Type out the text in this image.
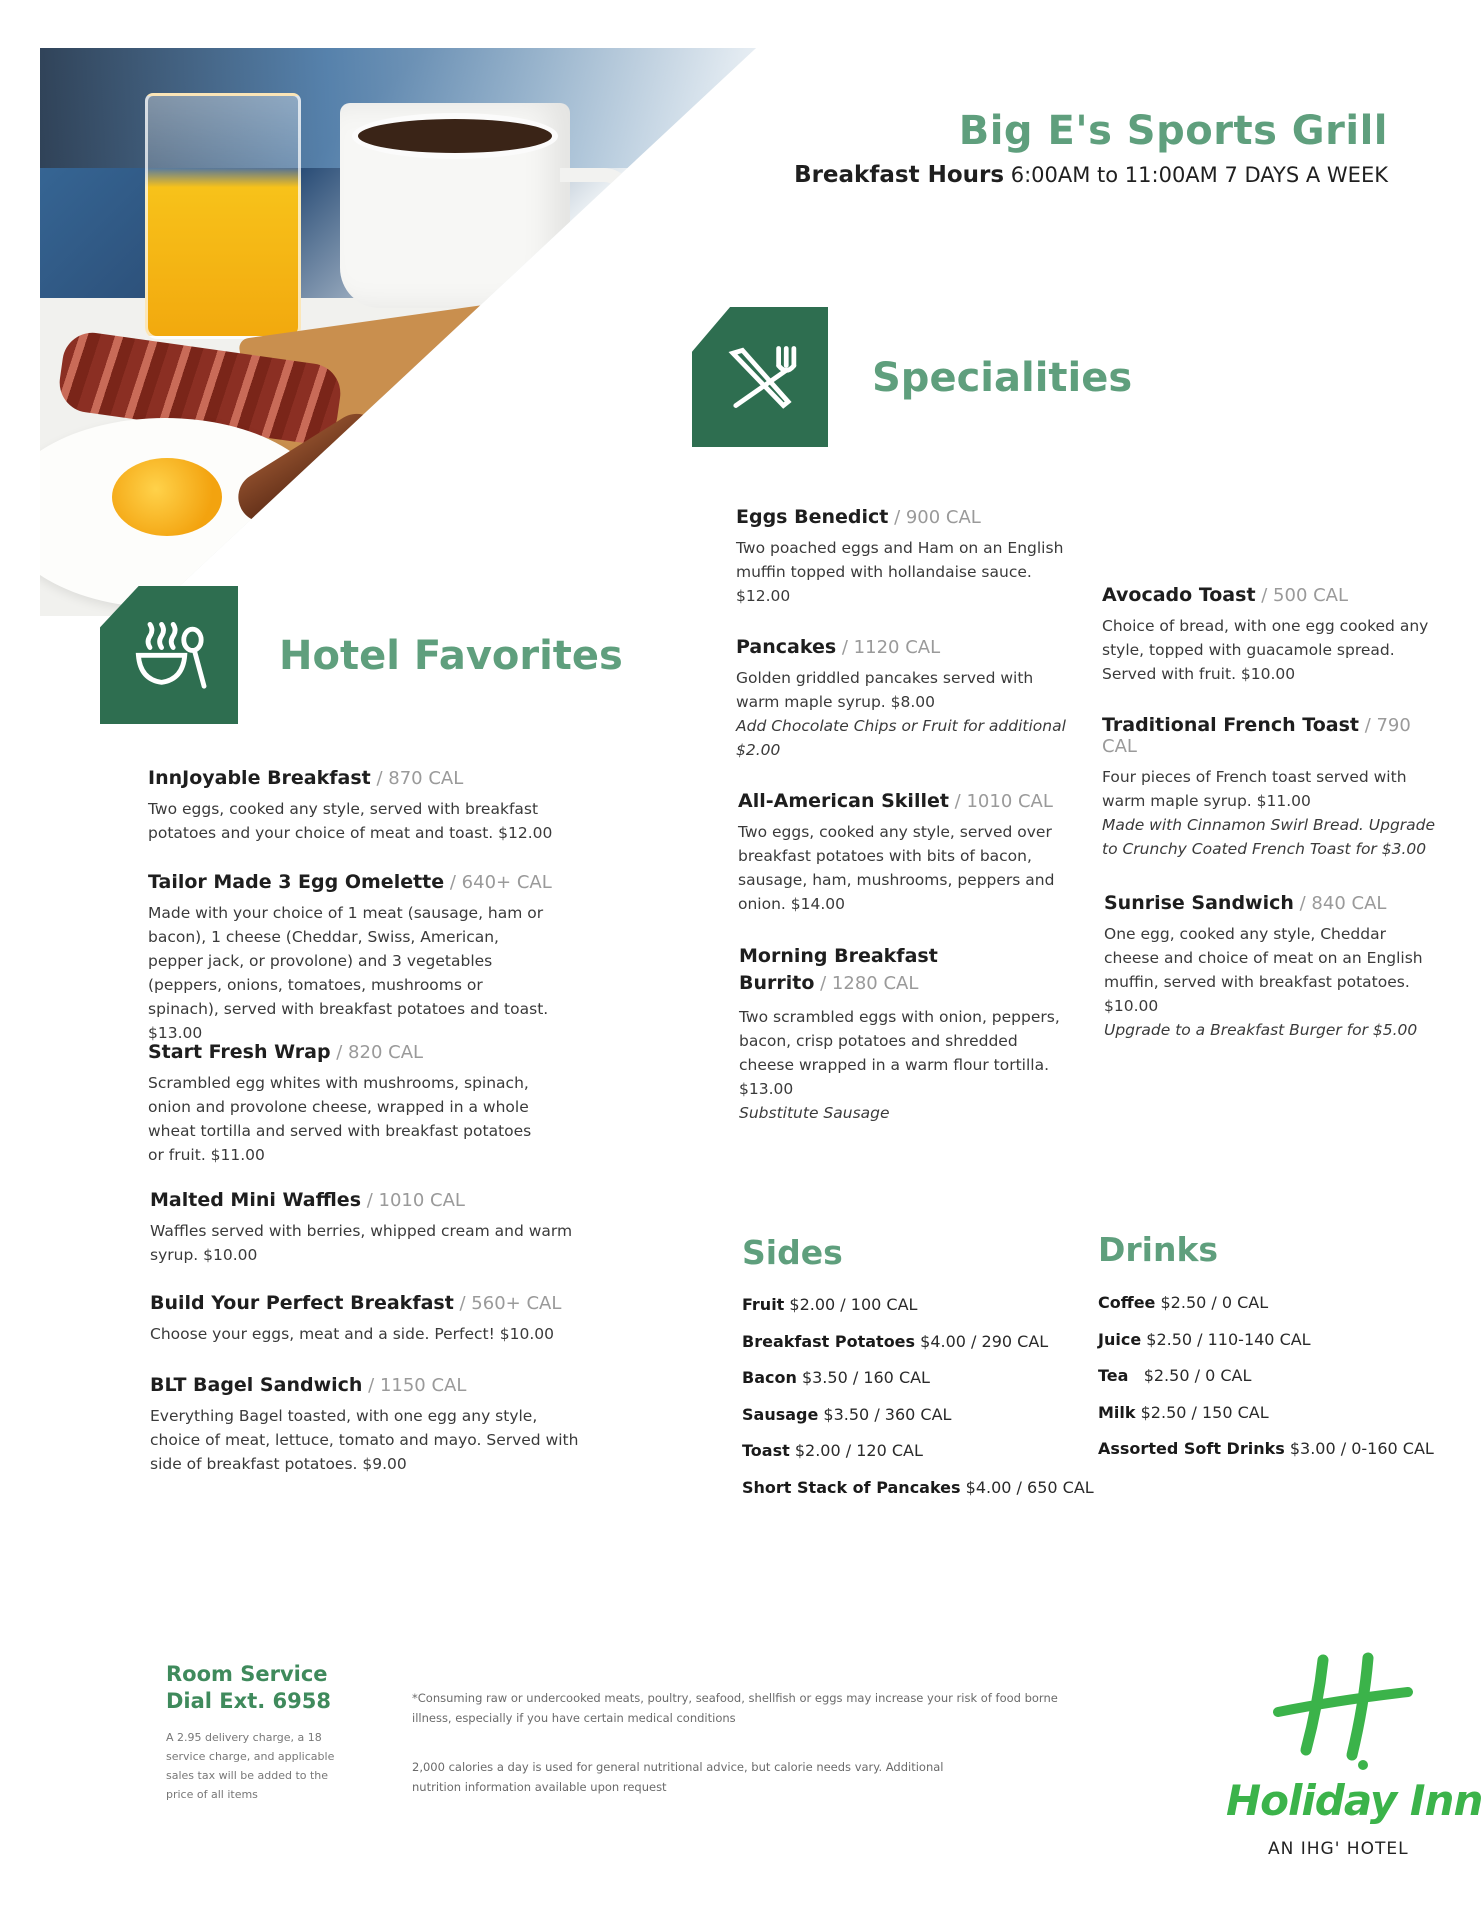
Big E's Sports Grill
Breakfast Hours 6:00AM to 11:00AM 7 DAYS A WEEK
Specialities
Hotel Favorites
InnJoyable Breakfast / 870 CAL
Two eggs, cooked any style, served with breakfast potatoes and your choice of meat and toast. $12.00
Tailor Made 3 Egg Omelette / 640+ CAL
Made with your choice of 1 meat (sausage, ham or bacon), 1 cheese (Cheddar, Swiss, American, pepper jack, or provolone) and 3 vegetables (peppers, onions, tomatoes, mushrooms or spinach), served with breakfast potatoes and toast. $13.00
Start Fresh Wrap / 820 CAL
Scrambled egg whites with mushrooms, spinach, onion and provolone cheese, wrapped in a whole wheat tortilla and served with breakfast potatoes or fruit. $11.00
Malted Mini Waffles / 1010 CAL
Waffles served with berries, whipped cream and warm syrup. $10.00
Build Your Perfect Breakfast / 560+ CAL
Choose your eggs, meat and a side. Perfect! $10.00
BLT Bagel Sandwich / 1150 CAL
Everything Bagel toasted, with one egg any style, choice of meat, lettuce, tomato and mayo. Served with side of breakfast potatoes. $9.00
Eggs Benedict / 900 CAL
Two poached eggs and Ham on an English muffin topped with hollandaise sauce. $12.00
Pancakes / 1120 CAL
Golden griddled pancakes served with warm maple syrup. $8.00
Add Chocolate Chips or Fruit for additional $2.00
All-American Skillet / 1010 CAL
Two eggs, cooked any style, served over breakfast potatoes with bits of bacon, sausage, ham, mushrooms, peppers and onion. $14.00
Morning Breakfast Burrito / 1280 CAL
Two scrambled eggs with onion, peppers, bacon, crisp potatoes and shredded cheese wrapped in a warm flour tortilla. $13.00
Substitute Sausage
Avocado Toast / 500 CAL
Choice of bread, with one egg cooked any style, topped with guacamole spread. Served with fruit. $10.00
Traditional French Toast / 790 CAL
Four pieces of French toast served with warm maple syrup. $11.00
Made with Cinnamon Swirl Bread. Upgrade to Crunchy Coated French Toast for $3.00
Sunrise Sandwich / 840 CAL
One egg, cooked any style, Cheddar cheese and choice of meat on an English muffin, served with breakfast potatoes. $10.00
Upgrade to a Breakfast Burger for $5.00
Sides
Fruit $2.00 / 100 CAL
Breakfast Potatoes $4.00 / 290 CAL
Bacon $3.50 / 160 CAL
Sausage $3.50 / 360 CAL
Toast $2.00 / 120 CAL
Short Stack of Pancakes $4.00 / 650 CAL
Drinks
Coffee $2.50 / 0 CAL
Juice $2.50 / 110-140 CAL
Tea   $2.50 / 0 CAL
Milk $2.50 / 150 CAL
Assorted Soft Drinks $3.00 / 0-160 CAL
Room Service
Dial Ext. 6958
A 2.95 delivery charge, a 18 service charge, and applicable sales tax will be added to the price of all items
*Consuming raw or undercooked meats, poultry, seafood, shellfish or eggs may increase your risk of food borne illness, especially if you have certain medical conditions
2,000 calories a day is used for general nutritional advice, but calorie needs vary. Additional nutrition information available upon request	Holiday Inn
AN IHG' HOTEL
